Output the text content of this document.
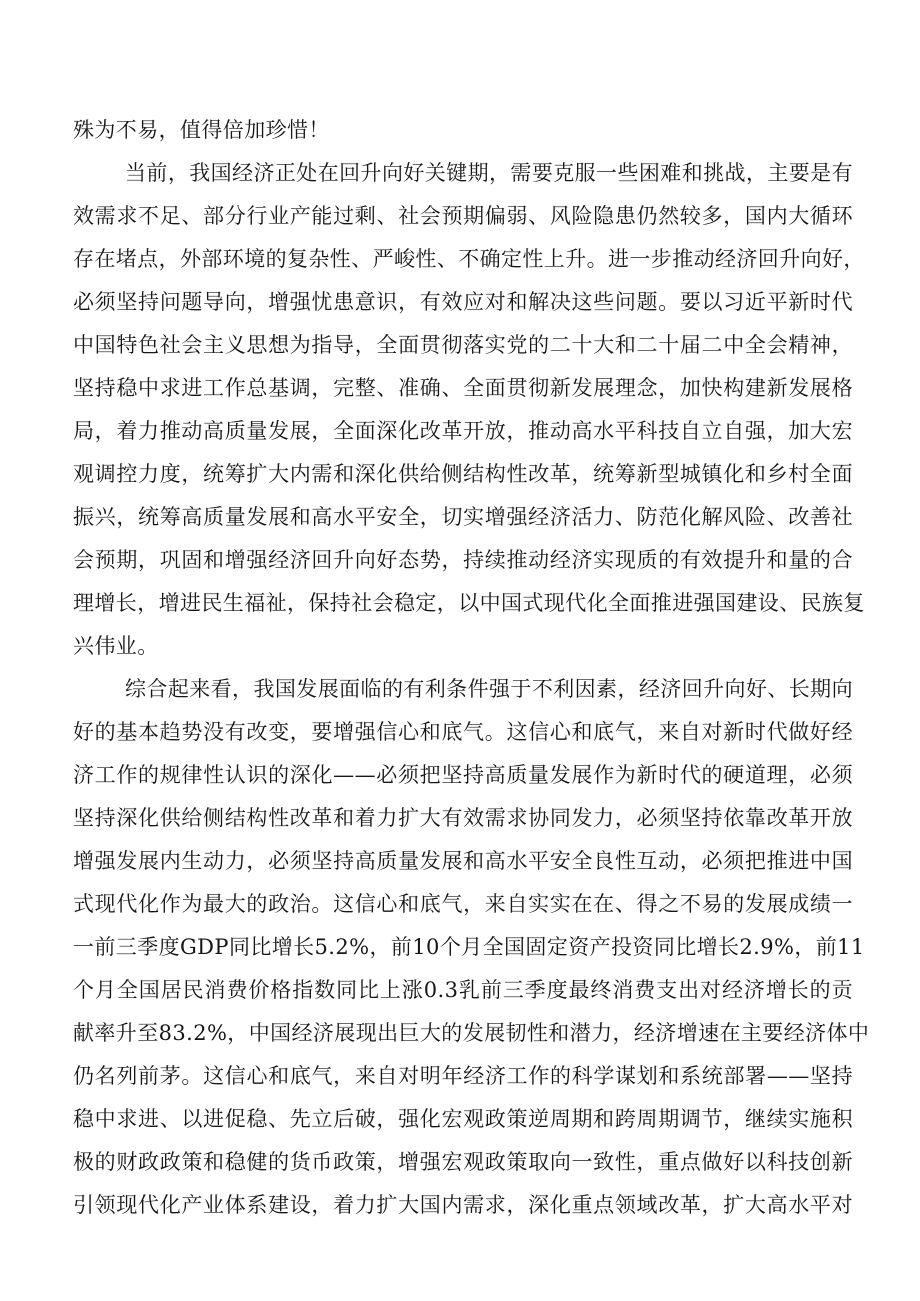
殊为不易，值得倍加珍惜！

当前，我国经济正处在回升向好关键期，需要克服一些困难和挑战，主要是有

效需求不足、部分行业产能过剩、社会预期偏弱、风险隐患仍然较多，国内大循环

存在堵点，外部环境的复杂性、严峻性、不确定性上升。进一步推动经济回升向好，

必须坚持问题导向，增强忧患意识，有效应对和解决这些问题。要以习近平新时代

中国特色社会主义思想为指导，全面贯彻落实党的二十大和二十届二中全会精神，

坚持稳中求进工作总基调，完整、准确、全面贯彻新发展理念，加快构建新发展格

局，着力推动高质量发展，全面深化改革开放，推动高水平科技自立自强，加大宏

观调控力度，统筹扩大内需和深化供给侧结构性改革，统筹新型城镇化和乡村全面

振兴，统筹高质量发展和高水平安全，切实增强经济活力、防范化解风险、改善社

会预期，巩固和增强经济回升向好态势，持续推动经济实现质的有效提升和量的合

理增长，增进民生福祉，保持社会稳定，以中国式现代化全面推进强国建设、民族复

兴伟业。

综合起来看，我国发展面临的有利条件强于不利因素，经济回升向好、长期向

好的基本趋势没有改变，要增强信心和底气。这信心和底气，来自对新时代做好经

济工作的规律性认识的深化——必须把坚持高质量发展作为新时代的硬道理，必须

坚持深化供给侧结构性改革和着力扩大有效需求协同发力，必须坚持依靠改革开放

增强发展内生动力，必须坚持高质量发展和高水平安全良性互动，必须把推进中国

式现代化作为最大的政治。这信心和底气，来自实实在在、得之不易的发展成绩一

一前三季度GDP同比增长5.2%，前10个月全国固定资产投资同比增长2.9%，前11

个月全国居民消费价格指数同比上涨0.3乳前三季度最终消费支出对经济增长的贡

献率升至83.2%，中国经济展现出巨大的发展韧性和潜力，经济增速在主要经济体中

仍名列前茅。这信心和底气，来自对明年经济工作的科学谋划和系统部署——坚持

稳中求进、以进促稳、先立后破，强化宏观政策逆周期和跨周期调节，继续实施积

极的财政政策和稳健的货币政策，增强宏观政策取向一致性，重点做好以科技创新

引领现代化产业体系建设，着力扩大国内需求，深化重点领域改革，扩大高水平对
